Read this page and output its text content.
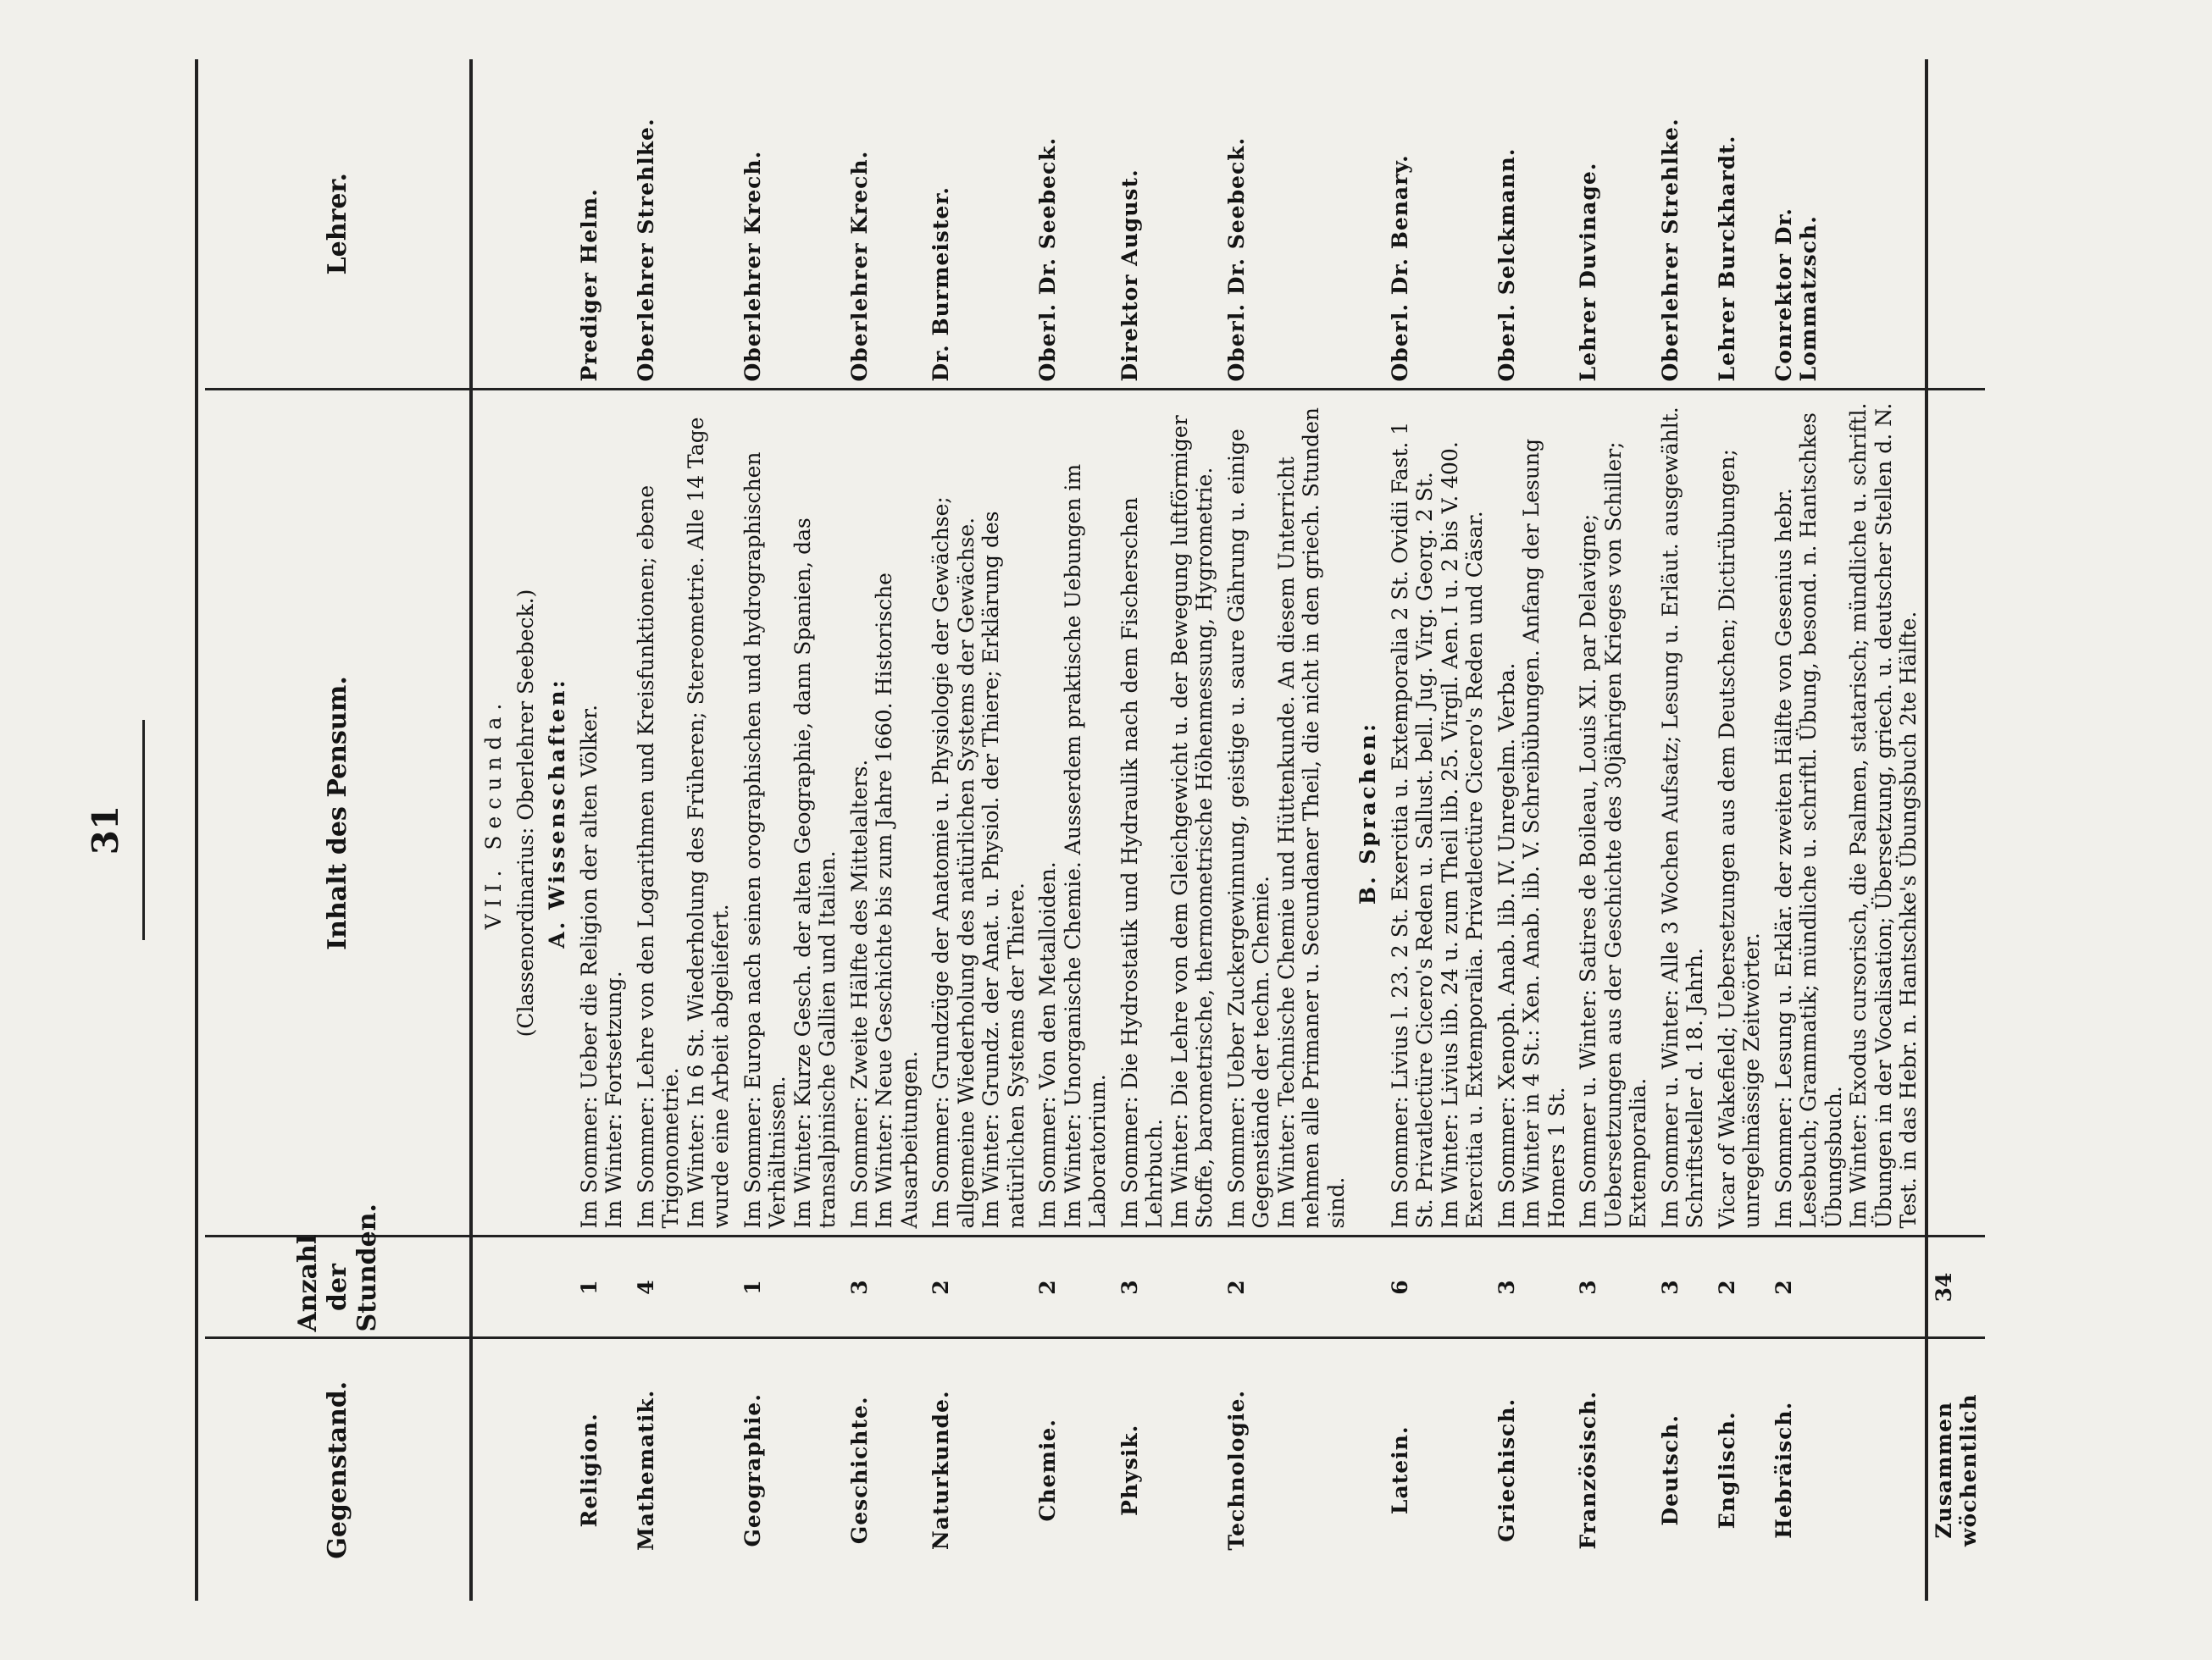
31

Gegenstand.	Anzahl der Stunden.	Inhalt des Pensum.	Lehrer.
		VII. Secunda.	
		(Classenordinarius: Oberlehrer Seebeck.)	
		A. Wissenschaften:	
Religion.	1	Im Sommer: Ueber die Religion der alten Völker. Im Winter: Fortsetzung.	Prediger Helm.
Mathematik.	4	Im Sommer: Lehre von den Logarithmen und Kreisfunktionen; ebene Trigonometrie. Im Winter: In 6 St. Wiederholung des Früheren; Stereometrie. Alle 14 Tage wurde eine Arbeit abgeliefert.	Oberlehrer Strehlke.
Geographie.	1	Im Sommer: Europa nach seinen orographischen und hydrographischen Verhältnissen. Im Winter: Kurze Gesch. der alten Geographie, dann Spanien, das transalpinische Gallien und Italien.	Oberlehrer Krech.
Geschichte.	3	Im Sommer: Zweite Hälfte des Mittelalters. Im Winter: Neue Geschichte bis zum Jahre 1660. Historische Ausarbeitungen.	Oberlehrer Krech.
Naturkunde.	2	Im Sommer: Grundzüge der Anatomie u. Physiologie der Gewächse; allgemeine Wiederholung des natürlichen Systems der Gewächse. Im Winter: Grundz. der Anat. u. Physiol. der Thiere; Erklärung des natürlichen Systems der Thiere.	Dr. Burmeister.
Chemie.	2	Im Sommer: Von den Metalloiden. Im Winter: Unorganische Chemie. Ausserdem praktische Uebungen im Laboratorium.	Oberl. Dr. Seebeck.
Physik.	3	Im Sommer: Die Hydrostatik und Hydraulik nach dem Fischerschen Lehrbuch. Im Winter: Die Lehre von dem Gleichgewicht u. der Bewegung luftförmiger Stoffe, barometrische, thermometrische Höhenmessung, Hygrometrie.	Direktor August.
Technologie.	2	Im Sommer: Ueber Zuckergewinnung, geistige u. saure Gährung u. einige Gegenstände der techn. Chemie. Im Winter: Technische Chemie und Hüttenkunde. An diesem Unterricht nehmen alle Primaner u. Secundaner Theil, die nicht in den griech. Stunden sind.	Oberl. Dr. Seebeck.
		B. Sprachen:	
Latein.	6	Im Sommer: Livius l. 23. 2 St. Exercitia u. Extemporalia 2 St. Ovidii Fast. 1 St. Privatlectüre Cicero's Reden u. Sallust. bell. Jug. Virg. Georg. 2 St. Im Winter: Livius lib. 24 u. zum Theil lib. 25. Virgil. Aen. I u. 2 bis V. 400. Exercitia u. Extemporalia. Privatlectüre Cicero's Reden und Cäsar.	Oberl. Dr. Benary.
Griechisch.	3	Im Sommer: Xenoph. Anab. lib. IV. Unregelm. Verba. Im Winter in 4 St.: Xen. Anab. lib. V. Schreibübungen. Anfang der Lesung Homers 1 St.	Oberl. Selckmann.
Französisch.	3	Im Sommer u. Winter: Satires de Boileau, Louis XI. par Delavigne; Uebersetzungen aus der Geschichte des 30jährigen Krieges von Schiller; Extemporalia.	Lehrer Duvinage.
Deutsch.	3	Im Sommer u. Winter: Alle 3 Wochen Aufsatz; Lesung u. Erläut. ausgewählt. Schriftsteller d. 18. Jahrh.	Oberlehrer Strehlke.
Englisch.	2	Vicar of Wakefield; Uebersetzungen aus dem Deutschen; Dictirübungen; unregelmässige Zeitwörter.	Lehrer Burckhardt.
Hebräisch.	2	Im Sommer: Lesung u. Erklär. der zweiten Hälfte von Gesenius hebr. Lesebuch; Grammatik; mündliche u. schriftl. Übung, besond. n. Hantschkes Übungsbuch. Im Winter: Exodus cursorisch, die Psalmen, statarisch; mündliche u. schriftl. Übungen in der Vocalisation; Übersetzung, griech. u. deutscher Stellen d. N. Test. in das Hebr. n. Hantschke's Übungsbuch 2te Hälfte.	Conrektor Dr. Lommatzsch.
Zusammen wöchentlich	34		
